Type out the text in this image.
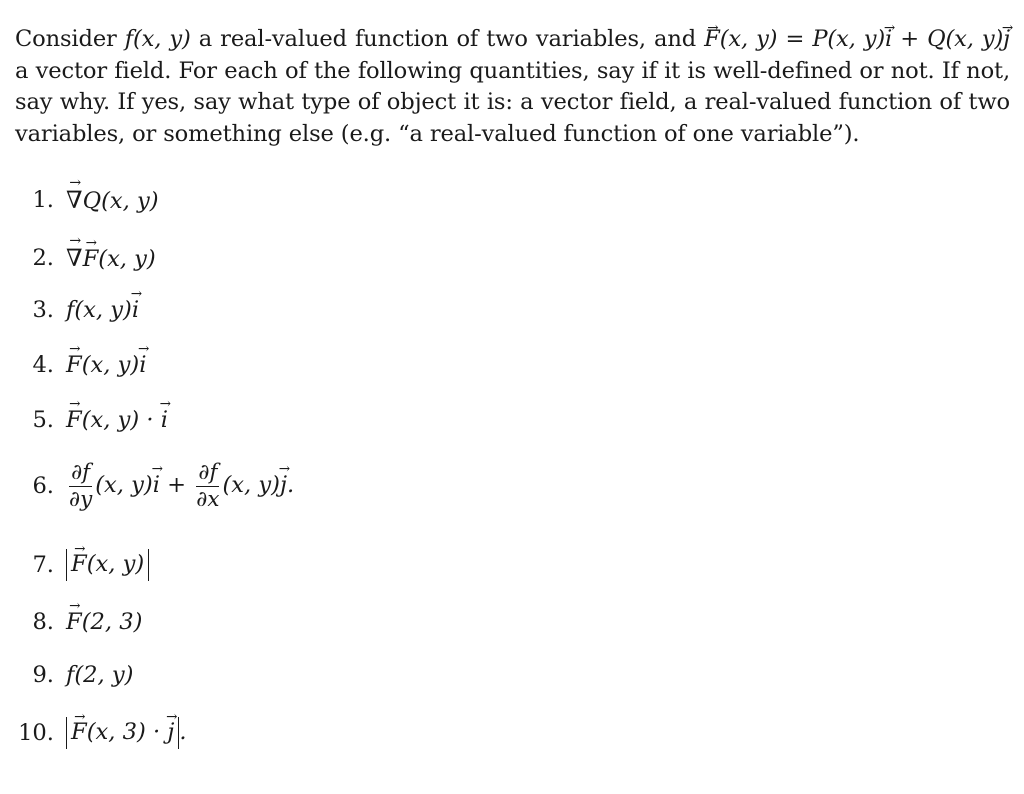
Consider f(x, y) a real-valued function of two variables, and → F(x, y) = P(x, y)→ i + Q(x, y)→ j a vector field. For each of the following quantities, say if it is well-defined or not. If not, say why. If yes, say what type of object it is: a vector field, a real-valued function of two variables, or something else (e.g. “a real-valued function of one variable”).
1. → ∇Q(x, y)
2. → ∇→ F(x, y)
3. f(x, y)→ i
4. → F(x, y)→ i
5. → F(x, y) · → i
6. $\frac{\partial f}{\partial y} (x$, $y)\to i + \frac{\partial f}{\partial x} (x$, y)→ j.
7. → F(x, y)
8. → F(2, 3)
9. f(2, y)
10. → F(x, 3) · → j .
